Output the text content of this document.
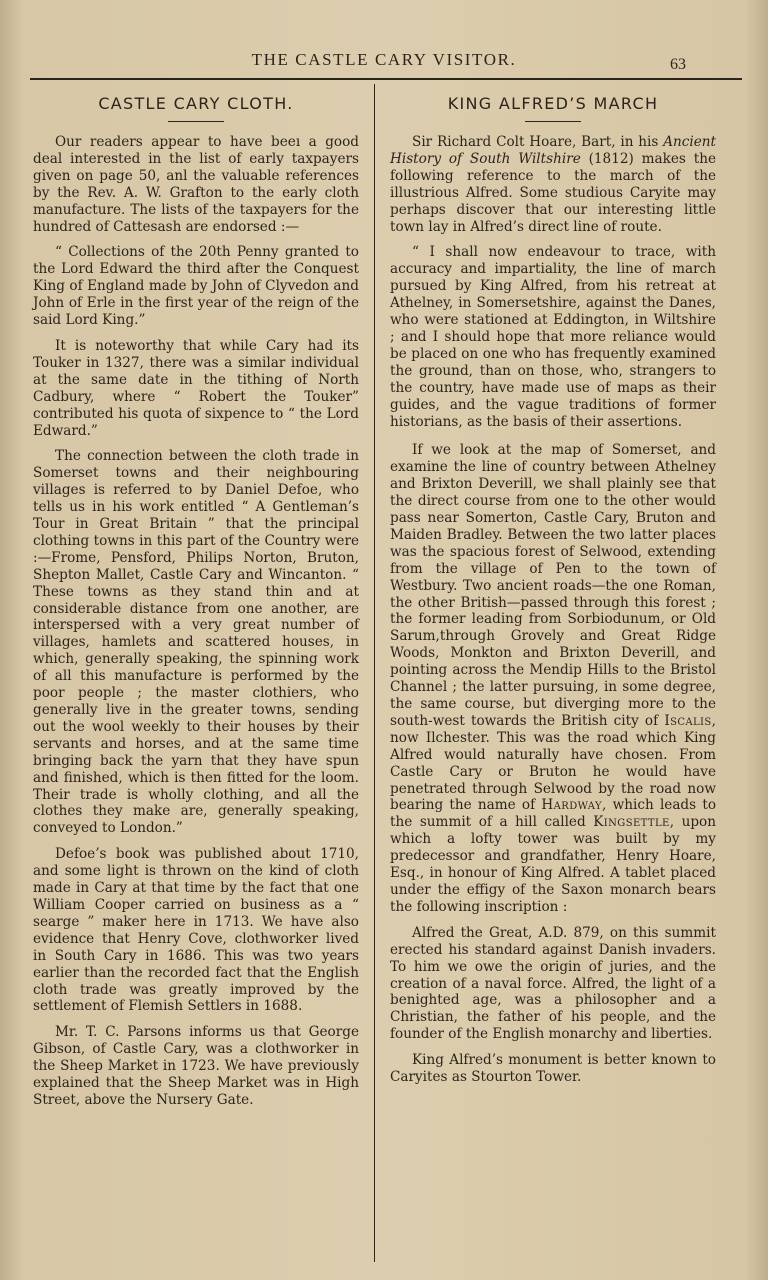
THE CASTLE CARY VISITOR.	63
CASTLE CARY CLOTH.

Our readers appear to have beeı a good deal interested in the list of early taxpayers given on page 50, anl the valuable references by the Rev. A. W. Grafton to the early cloth manufacture. The lists of the taxpayers for the hundred of Cattesash are endorsed :—

“ Collections of the 20th Penny granted to the Lord Edward the third after the Conquest King of England made by John of Clyvedon and John of Erle in the first year of the reign of the said Lord King.”

It is noteworthy that while Cary had its Touker in 1327, there was a similar individual at the same date in the tithing of North Cadbury, where “ Robert the Touker” contributed his quota of sixpence to “ the Lord Edward.”

The connection between the cloth trade in Somerset towns and their neighbouring villages is referred to by Daniel Defoe, who tells us in his work entitled “ A Gentleman’s Tour in Great Britain ” that the principal clothing towns in this part of the Country were :—Frome, Pensford, Philips Norton, Bruton, Shepton Mallet, Castle Cary and Wincanton. “ These towns as they stand thin and at considerable distance from one another, are interspersed with a very great number of villages, hamlets and scattered houses, in which, generally speaking, the spinning work of all this manufacture is performed by the poor people ; the master clothiers, who generally live in the greater towns, sending out the wool weekly to their houses by their servants and horses, and at the same time bringing back the yarn that they have spun and finished, which is then fitted for the loom. Their trade is wholly clothing, and all the clothes they make are, generally speaking, conveyed to London.”

Defoe’s book was published about 1710, and some light is thrown on the kind of cloth made in Cary at that time by the fact that one William Cooper carried on business as a “ searge ” maker here in 1713. We have also evidence that Henry Cove, clothworker lived in South Cary in 1686. This was two years earlier than the recorded fact that the English cloth trade was greatly improved by the settlement of Flemish Settlers in 1688.

Mr. T. C. Parsons informs us that George Gibson, of Castle Cary, was a clothworker in the Sheep Market in 1723. We have previously explained that the Sheep Market was in High Street, above the Nursery Gate.

KING ALFRED’S MARCH

Sir Richard Colt Hoare, Bart, in his Ancient History of South Wiltshire (1812) makes the following reference to the march of the illustrious Alfred. Some studious Caryite may perhaps discover that our interesting little town lay in Alfred’s direct line of route.

“ I shall now endeavour to trace, with accuracy and impartiality, the line of march pursued by King Alfred, from his retreat at Athelney, in Somersetshire, against the Danes, who were stationed at Eddington, in Wiltshire ; and I should hope that more reliance would be placed on one who has frequently examined the ground, than on those, who, strangers to the country, have made use of maps as their guides, and the vague traditions of former historians, as the basis of their assertions.

If we look at the map of Somerset, and examine the line of country between Athelney and Brixton Deverill, we shall plainly see that the direct course from one to the other would pass near Somerton, Castle Cary, Bruton and Maiden Bradley. Between the two latter places was the spacious forest of Selwood, extending from the village of Pen to the town of Westbury. Two ancient roads—the one Roman, the other British—passed through this forest ; the former leading from Sorbiodunum, or Old Sarum,through Grovely and Great Ridge Woods, Monkton and Brixton Deverill, and pointing across the Mendip Hills to the Bristol Channel ; the latter pursuing, in some degree, the same course, but diverging more to the south-west towards the British city of Iscalis, now Ilchester. This was the road which King Alfred would naturally have chosen. From Castle Cary or Bruton he would have penetrated through Selwood by the road now bearing the name of Hardway, which leads to the summit of a hill called Kingsettle, upon which a lofty tower was built by my predecessor and grandfather, Henry Hoare, Esq., in honour of King Alfred. A tablet placed under the effigy of the Saxon monarch bears the following inscription :

Alfred the Great, A.D. 879, on this summit erected his standard against Danish invaders. To him we owe the origin of juries, and the creation of a naval force. Alfred, the light of a benighted age, was a philosopher and a Christian, the father of his people, and the founder of the English monarchy and liberties.

King Alfred’s monument is better known to Caryites as Stourton Tower.
